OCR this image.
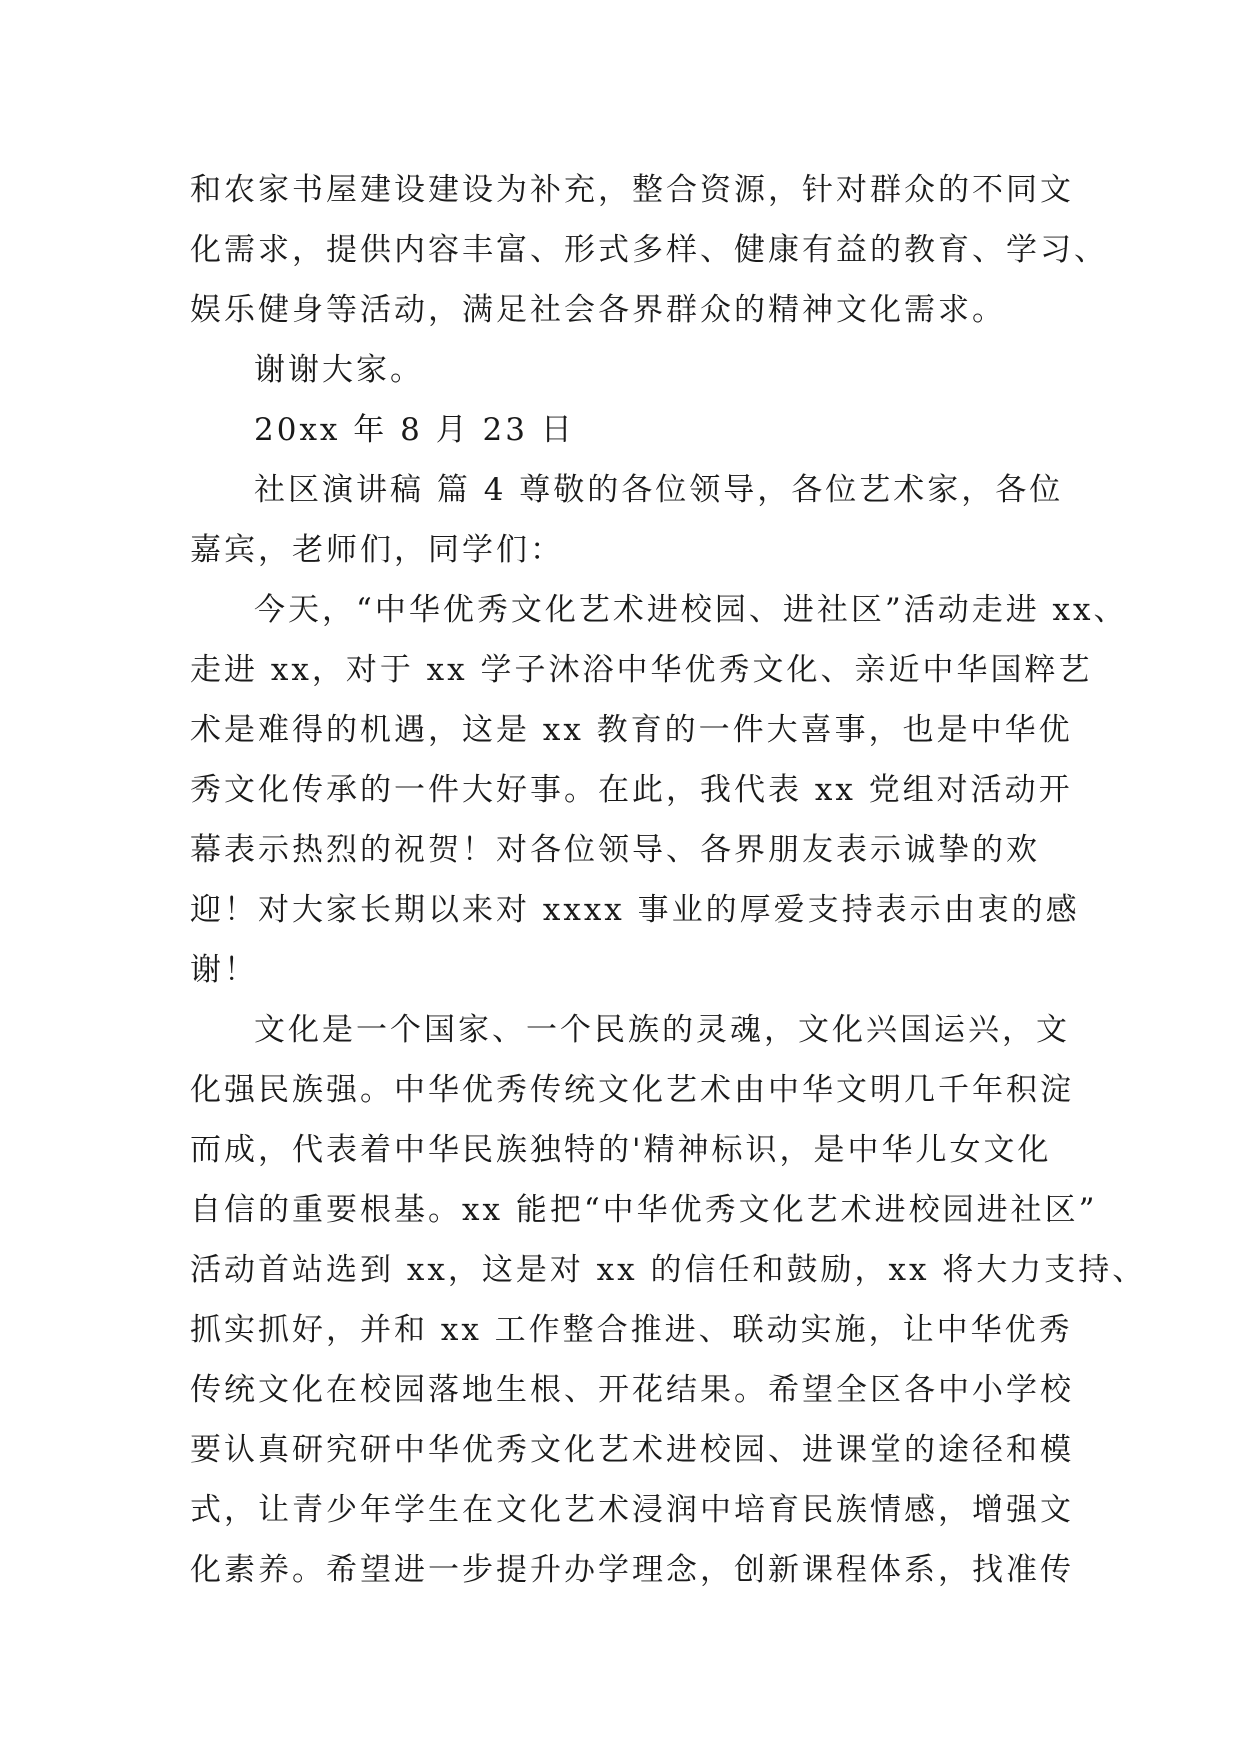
和农家书屋建设建设为补充，整合资源，针对群众的不同文
化需求，提供内容丰富、形式多样、健康有益的教育、学习、
娱乐健身等活动，满足社会各界群众的精神文化需求。
谢谢大家。
20xx 年 8 月 23 日
社区演讲稿 篇 4 尊敬的各位领导，各位艺术家，各位
嘉宾，老师们，同学们：
今天，“中华优秀文化艺术进校园、进社区”活动走进 xx、
走进 xx，对于 xx 学子沐浴中华优秀文化、亲近中华国粹艺
术是难得的机遇，这是 xx 教育的一件大喜事，也是中华优
秀文化传承的一件大好事。在此，我代表 xx 党组对活动开
幕表示热烈的祝贺！对各位领导、各界朋友表示诚挚的欢
迎！对大家长期以来对 xxxx 事业的厚爱支持表示由衷的感
谢！
文化是一个国家、一个民族的灵魂，文化兴国运兴，文
化强民族强。中华优秀传统文化艺术由中华文明几千年积淀
而成，代表着中华民族独特的'精神标识，是中华儿女文化
自信的重要根基。xx 能把“中华优秀文化艺术进校园进社区”
活动首站选到 xx，这是对 xx 的信任和鼓励，xx 将大力支持、
抓实抓好，并和 xx 工作整合推进、联动实施，让中华优秀
传统文化在校园落地生根、开花结果。希望全区各中小学校
要认真研究研中华优秀文化艺术进校园、进课堂的途径和模
式，让青少年学生在文化艺术浸润中培育民族情感，增强文
化素养。希望进一步提升办学理念，创新课程体系，找准传
